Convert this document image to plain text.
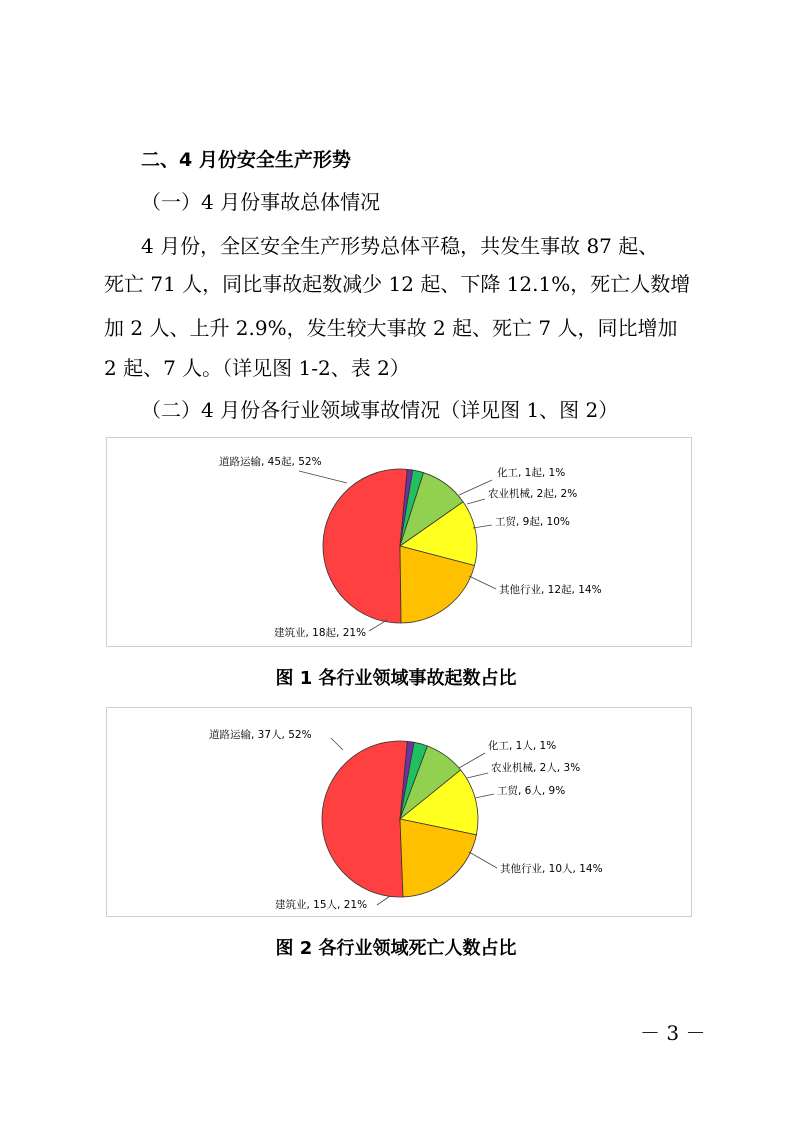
二、4 月份安全生产形势
（一）4 月份事故总体情况
4 月份，全区安全生产形势总体平稳，共发生事故 87 起、
死亡 71 人，同比事故起数减少 12 起、下降 12.1%，死亡人数增
加 2 人、上升 2.9%，发生较大事故 2 起、死亡 7 人，同比增加
2 起、7 人。（详见图 1-2、表 2）
（二）4 月份各行业领域事故情况（详见图 1、图 2）
道路运输, 45起, 52%
化工, 1起, 1%
农业机械, 2起, 2%
工贸, 9起, 10%
其他行业, 12起, 14%
建筑业, 18起, 21%
图 1 各行业领域事故起数占比
道路运输, 37人, 52%
化工, 1人, 1%
农业机械, 2人, 3%
工贸, 6人, 9%
其他行业, 10人, 14%
建筑业, 15人, 21%
图 2 各行业领域死亡人数占比
－ 3 －
